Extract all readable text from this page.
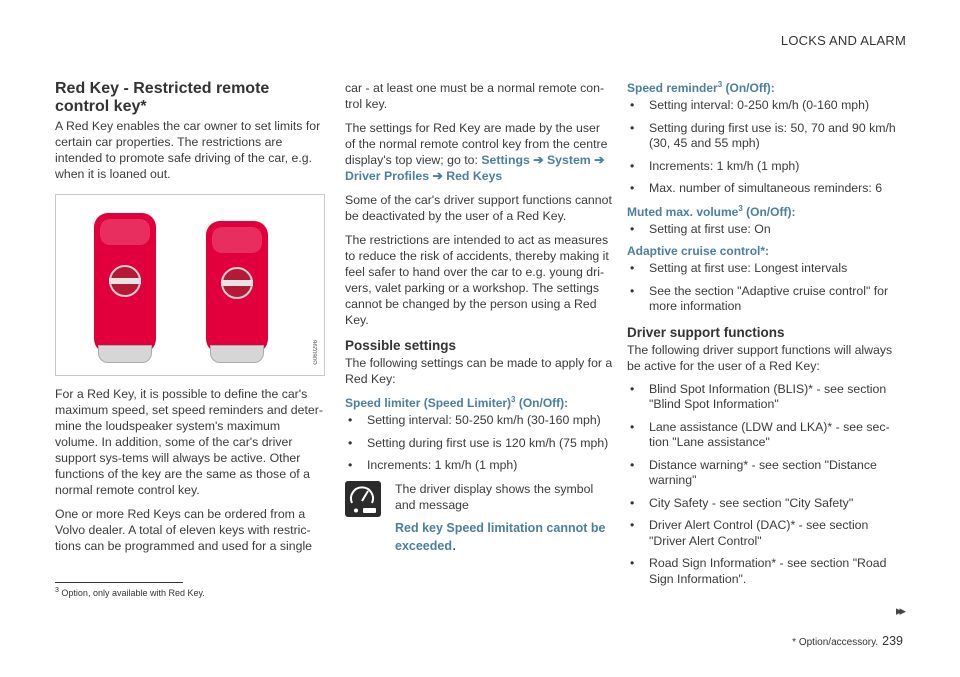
LOCKS AND ALARM
Red Key - Restricted remote control key*

A Red Key enables the car owner to set limits for certain car properties. The restrictions are intended to promote safe driving of the car, e.g. when it is loaned out.

G060296

For a Red Key, it is possible to define the car's maximum speed, set speed reminders and deter-mine the loudspeaker system's maximum volume. In addition, some of the car's driver support sys-tems will always be active. Other functions of the key are the same as those of a normal remote control key.

One or more Red Keys can be ordered from a Volvo dealer. A total of eleven keys with restric-tions can be programmed and used for a single

car - at least one must be a normal remote con-trol key.

The settings for Red Key are made by the user of the normal remote control key from the centre display's top view; go to: Settings ➔ System ➔ Driver Profiles ➔ Red Keys

Some of the car's driver support functions cannot be deactivated by the user of a Red Key.

The restrictions are intended to act as measures to reduce the risk of accidents, thereby making it feel safer to hand over the car to e.g. young dri-vers, valet parking or a workshop. The settings cannot be changed by the person using a Red Key.

Possible settings

The following settings can be made to apply for a Red Key:

Speed limiter (Speed Limiter)$^3$ (On/Off):
• Setting interval: 50-250 km/h (30-160 mph)
• Setting during first use is 120 km/h (75 mph)
• Increments: 1 km/h (1 mph)

The driver display shows the symbol and message

Red key Speed limitation cannot be exceeded.
Speed reminder$^3$ (On/Off):
• Setting interval: 0-250 km/h (0-160 mph)
• Setting during first use is: 50, 70 and 90 km/h (30, 45 and 55 mph)
• Increments: 1 km/h (1 mph)
• Max. number of simultaneous reminders: 6
Muted max. volume$^3$ (On/Off):
• Setting at first use: On
Adaptive cruise control*:
• Setting at first use: Longest intervals
• See the section "Adaptive cruise control" for more information
Driver support functions

The following driver support functions will always be active for the user of a Red Key:

• Blind Spot Information (BLIS)* - see section "Blind Spot Information"
• Lane assistance (LDW and LKA)* - see sec-tion "Lane assistance"
• Distance warning* - see section "Distance warning"
• City Safety - see section "City Safety"
• Driver Alert Control (DAC)* - see section "Driver Alert Control"
• Road Sign Information* - see section "Road Sign Information".
$^3$ Option, only available with Red Key.
▸▸
* Option/accessory. 239
